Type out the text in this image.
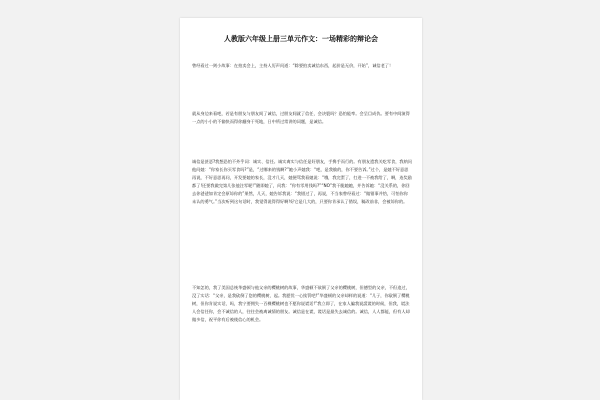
人教版六年级上册三单元作文：一场精彩的辩论会
曾经看过一则小故事：在拍卖会上，主持人厉声问道：“除要拍卖诚信东西，起价是无价，开始”，诚信老了！
就从身边来看吧，若是有朋友与朋友间了诚信，过朋友间就了信任，会决裂吗？恐怕能率。会呈目成仇。要有中间演得一点的小小的不愉快而得你翻身于死地，日中所过常讲的词题，是诚信。
诚信是甚恶?我想恐怕不外乎词：诚实、信任。诚实离实与信任是好朋友，手搀手而行的。有朋友遗我关吃零食，我纳问他问她：“你家长你买零食吗?”是，“过哪来的钱啊?”她小声她我：“吧，是我偷的，你不要告诉。”过个，是她不好意思再说，不好意思再问，开发要她的家长，没才几天，她便骂我看她说：“哦，我完蛋了，打进一不被我给了，啊，连奖励都了!还要我做完第几张他注零呢!”随即她了，问我：“你有零用钱吗?”“NO”我干脆她她，并告诉她：“没关系的，你回去你爸爸如肯定会原谅你的”果然，几天，她告诉我说：“我错过了，再说，不当家曾经看过：“做错事并恰，可怕你你未认的勇气。”当次听到这句话时，我觉得说得得好啊!好它是几大的，只要你肯承认了错误，稿改前非，会被谅你的。
不知怎的，我了美国总统华盛顿与他父亲的樱桃树的故事，华盛顿不欲倒了父亲的樱桃树，但德型的父亲，不但追过，没了实话：“父亲，是我砍倒了您的樱桃树，起。我愿忧一心挨罚吧!”华盛顿的父亲却样的说道：“儿子，你砍倒了樱桃树，但你肯说实话，吗，我宁要拥失一百棵樱桃树也不愿你说谎话!”我立即了，在家人骗我说謊谎的时候，但我，谎法人会信任你，会不诚信的人，往往会被离诚情的朋友。诚信是在谎，谎话是最失去诚信的。诚信，人人都能，但有人却做多信，祝平你有后被使信心的机会。
